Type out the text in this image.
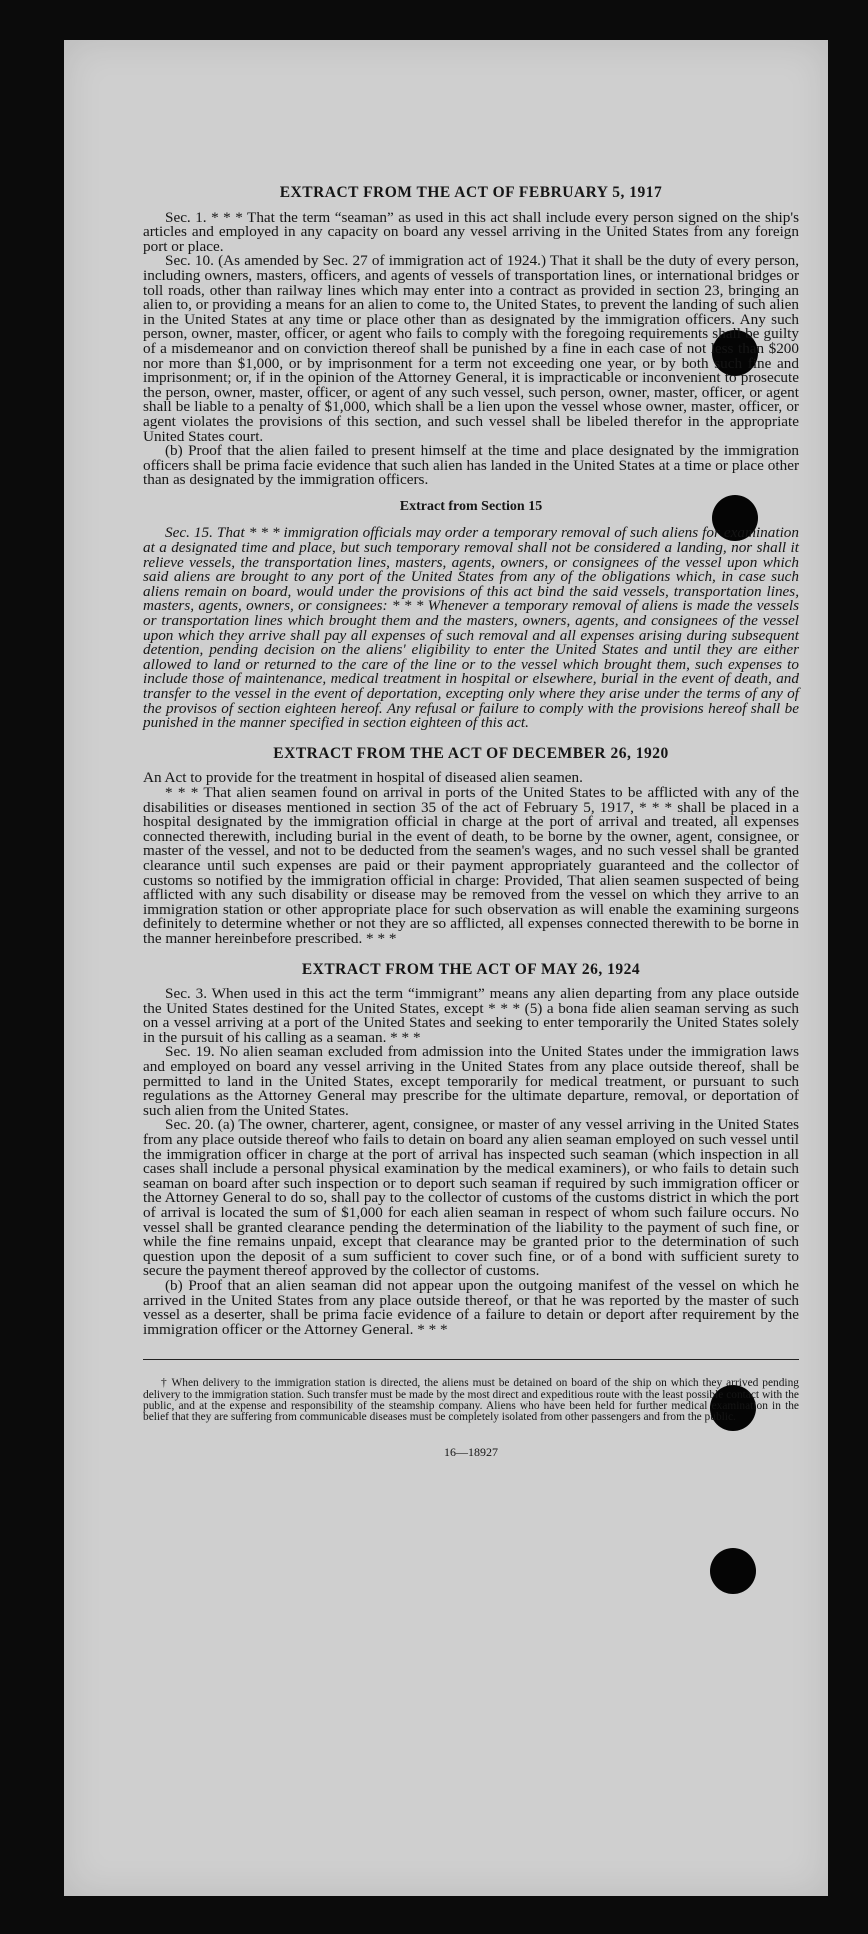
EXTRACT FROM THE ACT OF FEBRUARY 5, 1917

Sec. 1. * * * That the term “seaman” as used in this act shall include every person signed on the ship's articles and employed in any capacity on board any vessel arriving in the United States from any foreign port or place.

Sec. 10. (As amended by Sec. 27 of immigration act of 1924.) That it shall be the duty of every person, including owners, masters, officers, and agents of vessels of transportation lines, or international bridges or toll roads, other than railway lines which may enter into a contract as provided in section 23, bringing an alien to, or providing a means for an alien to come to, the United States, to prevent the landing of such alien in the United States at any time or place other than as designated by the immigration officers. Any such person, owner, master, officer, or agent who fails to comply with the foregoing requirements shall be guilty of a misdemeanor and on conviction thereof shall be punished by a fine in each case of not less than $200 nor more than $1,000, or by imprisonment for a term not exceeding one year, or by both such fine and imprisonment; or, if in the opinion of the Attorney General, it is impracticable or inconvenient to prosecute the person, owner, master, officer, or agent of any such vessel, such person, owner, master, officer, or agent shall be liable to a penalty of $1,000, which shall be a lien upon the vessel whose owner, master, officer, or agent violates the provisions of this section, and such vessel shall be libeled therefor in the appropriate United States court.

(b) Proof that the alien failed to present himself at the time and place designated by the immigration officers shall be prima facie evidence that such alien has landed in the United States at a time or place other than as designated by the immigration officers.

Extract from Section 15

Sec. 15. That * * * immigration officials may order a temporary removal of such aliens for examination at a designated time and place, but such temporary removal shall not be considered a landing, nor shall it relieve vessels, the transportation lines, masters, agents, owners, or consignees of the vessel upon which said aliens are brought to any port of the United States from any of the obligations which, in case such aliens remain on board, would under the provisions of this act bind the said vessels, transportation lines, masters, agents, owners, or consignees: * * * Whenever a temporary removal of aliens is made the vessels or transportation lines which brought them and the masters, owners, agents, and consignees of the vessel upon which they arrive shall pay all expenses of such removal and all expenses arising during subsequent detention, pending decision on the aliens' eligibility to enter the United States and until they are either allowed to land or returned to the care of the line or to the vessel which brought them, such expenses to include those of maintenance, medical treatment in hospital or elsewhere, burial in the event of death, and transfer to the vessel in the event of deportation, excepting only where they arise under the terms of any of the provisos of section eighteen hereof. Any refusal or failure to comply with the provisions hereof shall be punished in the manner specified in section eighteen of this act.

EXTRACT FROM THE ACT OF DECEMBER 26, 1920

An Act to provide for the treatment in hospital of diseased alien seamen.

* * * That alien seamen found on arrival in ports of the United States to be afflicted with any of the disabilities or diseases mentioned in section 35 of the act of February 5, 1917, * * * shall be placed in a hospital designated by the immigration official in charge at the port of arrival and treated, all expenses connected therewith, including burial in the event of death, to be borne by the owner, agent, consignee, or master of the vessel, and not to be deducted from the seamen's wages, and no such vessel shall be granted clearance until such expenses are paid or their payment appropriately guaranteed and the collector of customs so notified by the immigration official in charge: Provided, That alien seamen suspected of being afflicted with any such disability or disease may be removed from the vessel on which they arrive to an immigration station or other appropriate place for such observation as will enable the examining surgeons definitely to determine whether or not they are so afflicted, all expenses connected therewith to be borne in the manner hereinbefore prescribed. * * *

EXTRACT FROM THE ACT OF MAY 26, 1924

Sec. 3. When used in this act the term “immigrant” means any alien departing from any place outside the United States destined for the United States, except * * * (5) a bona fide alien seaman serving as such on a vessel arriving at a port of the United States and seeking to enter temporarily the United States solely in the pursuit of his calling as a seaman. * * *

Sec. 19. No alien seaman excluded from admission into the United States under the immigration laws and employed on board any vessel arriving in the United States from any place outside thereof, shall be permitted to land in the United States, except temporarily for medical treatment, or pursuant to such regulations as the Attorney General may prescribe for the ultimate departure, removal, or deportation of such alien from the United States.

Sec. 20. (a) The owner, charterer, agent, consignee, or master of any vessel arriving in the United States from any place outside thereof who fails to detain on board any alien seaman employed on such vessel until the immigration officer in charge at the port of arrival has inspected such seaman (which inspection in all cases shall include a personal physical examination by the medical examiners), or who fails to detain such seaman on board after such inspection or to deport such seaman if required by such immigration officer or the Attorney General to do so, shall pay to the collector of customs of the customs district in which the port of arrival is located the sum of $1,000 for each alien seaman in respect of whom such failure occurs. No vessel shall be granted clearance pending the determination of the liability to the payment of such fine, or while the fine remains unpaid, except that clearance may be granted prior to the determination of such question upon the deposit of a sum sufficient to cover such fine, or of a bond with sufficient surety to secure the payment thereof approved by the collector of customs.

(b) Proof that an alien seaman did not appear upon the outgoing manifest of the vessel on which he arrived in the United States from any place outside thereof, or that he was reported by the master of such vessel as a deserter, shall be prima facie evidence of a failure to detain or deport after requirement by the immigration officer or the Attorney General. * * *

† When delivery to the immigration station is directed, the aliens must be detained on board of the ship on which they arrived pending delivery to the immigration station. Such transfer must be made by the most direct and expeditious route with the least possible contact with the public, and at the expense and responsibility of the steamship company. Aliens who have been held for further medical examination in the belief that they are suffering from communicable diseases must be completely isolated from other passengers and from the public.

16—18927
